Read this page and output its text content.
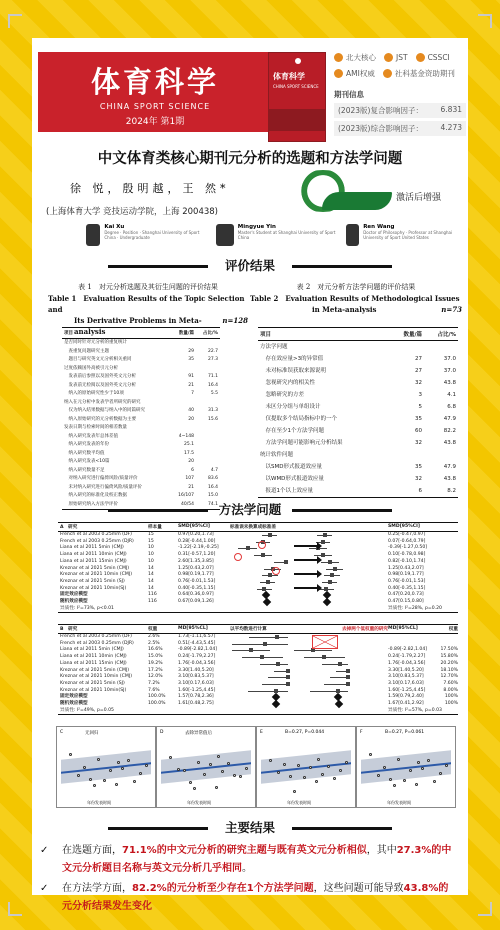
体育科学
CHINA SPORT SCIENCE
2024年 第1期
体育科学
CHINA SPORT SCIENCE
北大核心	JST	CSSCI
AMI权威	社科基金资助期刊
期刊信息
(2023版)复合影响因子： 6.831
(2023版)综合影响因子： 4.273
中文体育类核心期刊元分析的选题和方法学问题
徐 悦，殷明越，王 然*
(上海体育大学 竞技运动学院，上海 200438)
激活后增强
Kai Xu
Degree · Position · Shanghai University of Sport China · Undergraduate
Mingyue Yin
Master's Student at Shanghai University of Sport China
Ren Wang
Doctor of Philosophy · Professor at Shanghai University of Sport United States
评价结果
表 1　对元分析选题及其衍生问题的评价结果
Table 1　Evaluation Results of the Topic Selection and
Its Derivative Problems in Meta-analysis
n=128
项目	数量/篇	占比/%
是否同时针对元分析的重复统计
　查重复问题研究主题	29	22.7
　题目与研究英文元分析相关重同	35	27.3
过度依赖国外高被引元分析
　发表前后参照以及国外英文元分析	91	71.1
　发表前无检阅以及国外英文元分析	21	16.4
　纳入的原始研究性少于10项	7	5.5
纳入在元分析中发表学者所研究的研究
　仅为纳入结果数据与纳入中的同篇研究	40	31.3
　纳入原始研究的元分析数据为主要	20	15.6
发表日期与检索时间的相差数量
　纳入研究发表年总体差值	4~148
　纳入研究发表的年份	25.1
　纳入研究数平均值	17.5
　纳入研究发表<10篇	20
　纳入研究数量不足	6	4.7
　对纳入研究进行偏倚风险/质量评价	107	83.6
　未对纳入研究进行偏倚风险/质量评价	21	16.4
　纳入研究的标准化及校正数据	16/107	15.0
　原始研究纳入方法学评价	40/54	74.1
表 2　对元分析方法学问题的评价结果
Table 2　Evaluation Results of Methodological Issues
in Meta-analysis	n=73
项目	数量/篇	占比/%
方法学问题
　存在效应量>3的异常值	27	37.0
　未对标准误获取来源说明	27	37.0
　忽视研究内的相关性	32	43.8
　忽略研究的方差	3	4.1
　未区分分组与单组设计	5	6.8
　仅提取多个结局指标中的一个	35	47.9
　存在至少1个方法学问题	60	82.2
　方法学问题可能影响元分析结果	32	43.8
统计软件问题
　以SMD形式报道效应量	35	47.9
　以WMD形式报道效应量	32	43.8
　报道1个以上效应量	6	8.2
方法学问题
A　 研究	样本量	SMD[95%CI]	标准误未换算成标准差	SMD[95%CI]
French et al 2003 0.25mm (DF)	15	0.97[0.20,1.73]	0.25[-0.47,0.97]
French et al 2003 0.25mm (DJR)	15	0.28[-0.44,1.00]	0.07[-0.64,0.79]
Liana et al 2011 5min (CMJ)	10	-1.22[-2.19,-0.25]	-0.39[-1.27,0.50]
Liana et al 2011 10min (CMJ)	10	0.31[-0.57,1.20]	0.10[-0.78,0.98]
Liana et al 2011 15min (CMJ)	10	2.60[1.35,3.85]	0.82[-0.10,1.74]
Kreznar et al 2021 5min (CMJ)	14	1.25[0.43,2.07]	1.25[0.43,2.07]
Kreznar et al 2021 10min (CMJ)	14	0.98[0.19,1.77]	0.98[0.19,1.77]
Kreznar et al 2021 5min (SJ)	14	0.76[-0.01,1.53]	0.76[-0.01,1.53]
Kreznar et al 2021 10min(SJ)	14	0.40[-0.35,1.15]	0.40[-0.35,1.15]
固定效应模型	116	0.64[0.36,0.97]	0.47[0.20,0.73]
随机效应模型	116	0.67[0.09,1.26]	0.47[0.15,0.80]
异质性: I²=73%, p<0.01	异质性: I²=28%, p=0.20
B　 研究	权重	MD[95%CL]	以平均数进行计算	去掉两个低权重的研究 MD[95%CL]	权重
French et al 2003 0.25mm (DF)	2.6%	1.73[-1.11,6.57]
French et al 2003 0.25mm (DJR)	2.5%	0.51[-4.43,5.45]
Liana et al 2011 5min (CMJ)	16.6%	-0.89[-2.82,1.04]	-0.89[-2.82,1.04]	17.50%
Liana et al 2011 10min (CMJ)	15.0%	0.24[-1.79,2.27]	0.24[-1.79,2.27]	15.80%
Liana et al 2011 15min (CMJ)	19.2%	1.76[-0.04,3.56]	1.76[-0.04,3.56]	20.20%
Kreznar et al 2021 5min (CMJ)	17.2%	3.30[1.40,5.20]	3.30[1.40,5.20]	18.10%
Kreznar et al 2021 10min (CMJ)	12.0%	3.10[0.83,5.37]	3.10[0.83,5.37]	12.70%
Kreznar et al 2021 5min (SJ)	7.2%	3.10[0.17,6.03]	3.10[0.17,6.03]	7.60%
Kreznar et al 2021 10min(SJ)	7.6%	1.60[-1.25,4.45]	1.60[-1.25,4.45]	8.00%
固定效应模型	100.0%	1.57[0.78,2.36]	1.59[0.79,2.40]	100%
随机效应模型	100.0%	1.61[0.48,2.75]	1.67[0.41,2.92]	100%
异质性: I²=49%, p=0.05	异质性: I²=57%, p=0.03
无回归
C
年份发表时间
去除异常值后
D
年份发表时间
B=0.27, P=0.044
E
年份发表时间
B=0.27, P=0.061
F
年份发表时间
主要结果
✓	在选题方面，71.1%的中文元分析的研究主题与既有英文元分析相似，其中27.3%的中文元分析题目名称与英文元分析几乎相同。
✓	在方法学方面，82.2%的元分析至少存在1个方法学问题，这些问题可能导致43.8%的元分析结果发生变化
